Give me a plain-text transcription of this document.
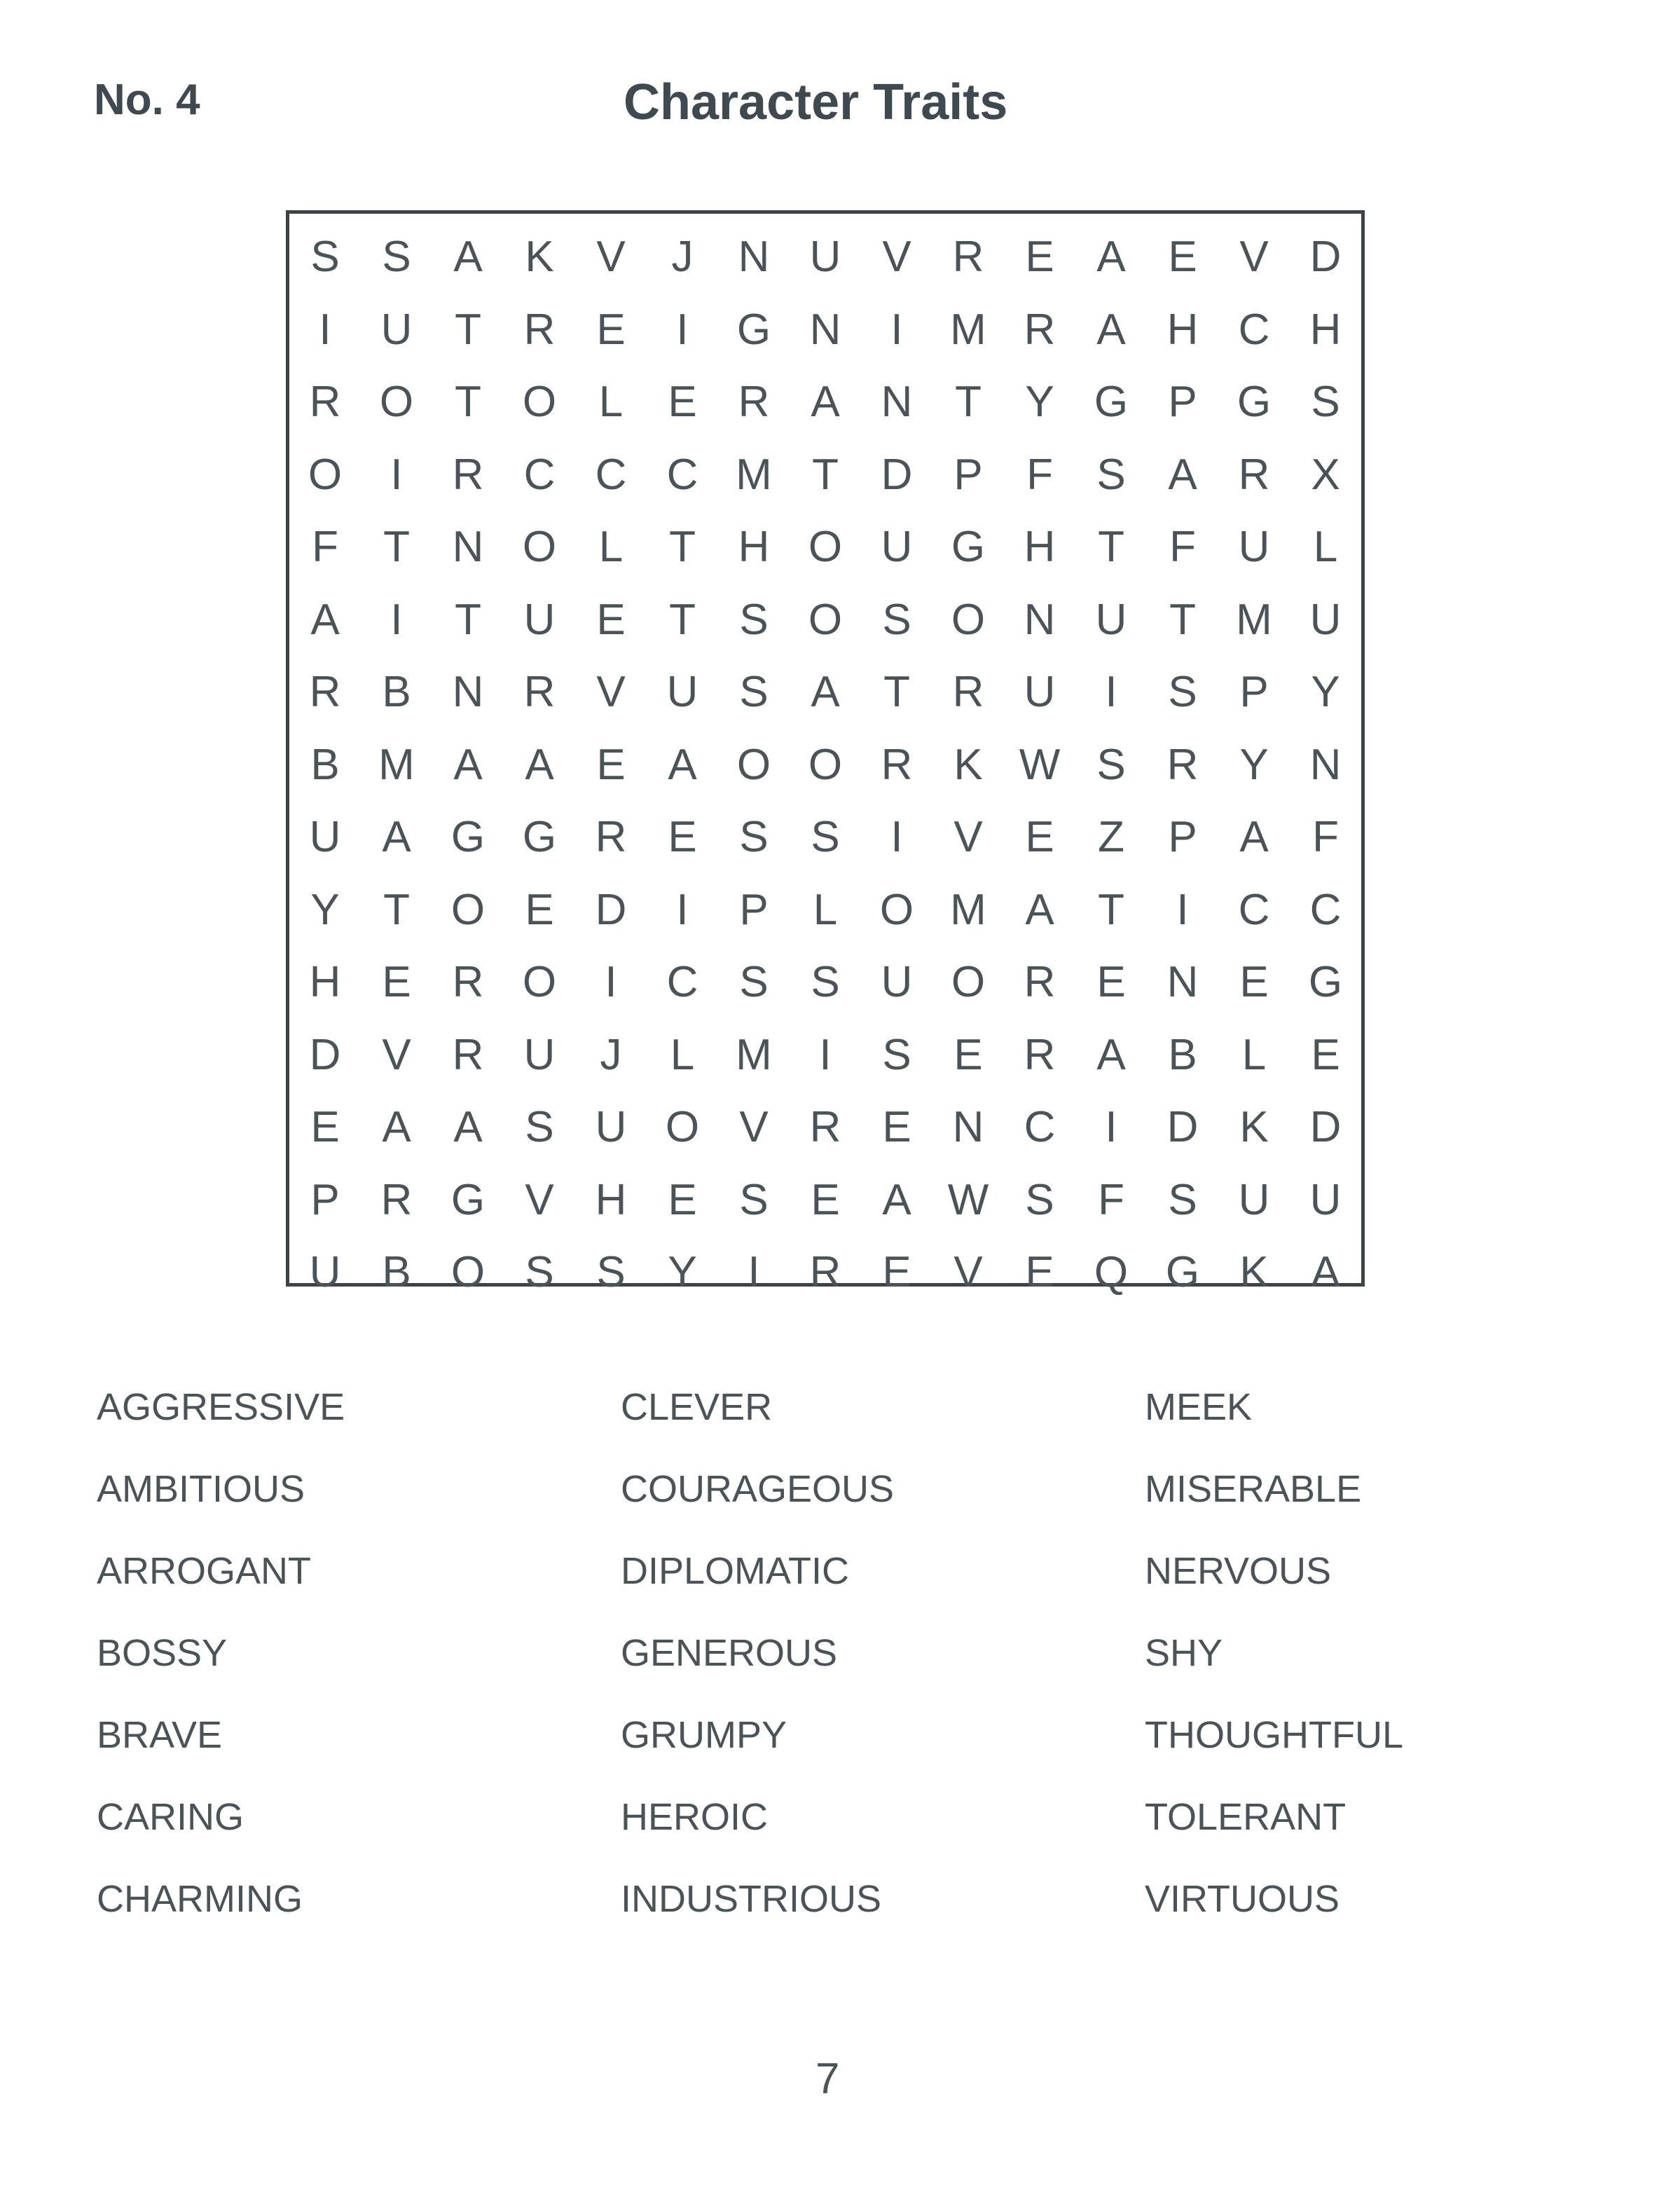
No. 4	Character Traits
S S A K V	J	N U V R E A E V D
I	U T R E	I	G N	I	M R A H C H
R O T O L	E R A N T	Y G P G S
O	I	R C C C M T D P	F	S A R X
F	T N O L	T H O U G H T	F U	L
A	I	T U E	T	S O S O N U T M U
R B N R V U S A	T R U	I	S P Y
B M A A E A O O R K W S R Y N
U A G G R E S S	I	V E	Z	P A	F
Y	T O E D	I	P	L O M A	T	I	C C
H E R O	I	C S S U O R E N E G
D V R U	J	L M	I	S E R A B	L	E
E A A S U O V R E N C	I	D K D
P R G V H E S E A W S	F	S U U
U B O S S Y	I	R E V E Q G K A
AGGRESSIVE
AMBITIOUS
ARROGANT
BOSSY
BRAVE
CARING
CHARMING
CLEVER
COURAGEOUS
DIPLOMATIC
GENEROUS
GRUMPY
HEROIC
INDUSTRIOUS
MEEK
MISERABLE
NERVOUS
SHY
THOUGHTFUL
TOLERANT
VIRTUOUS
7
